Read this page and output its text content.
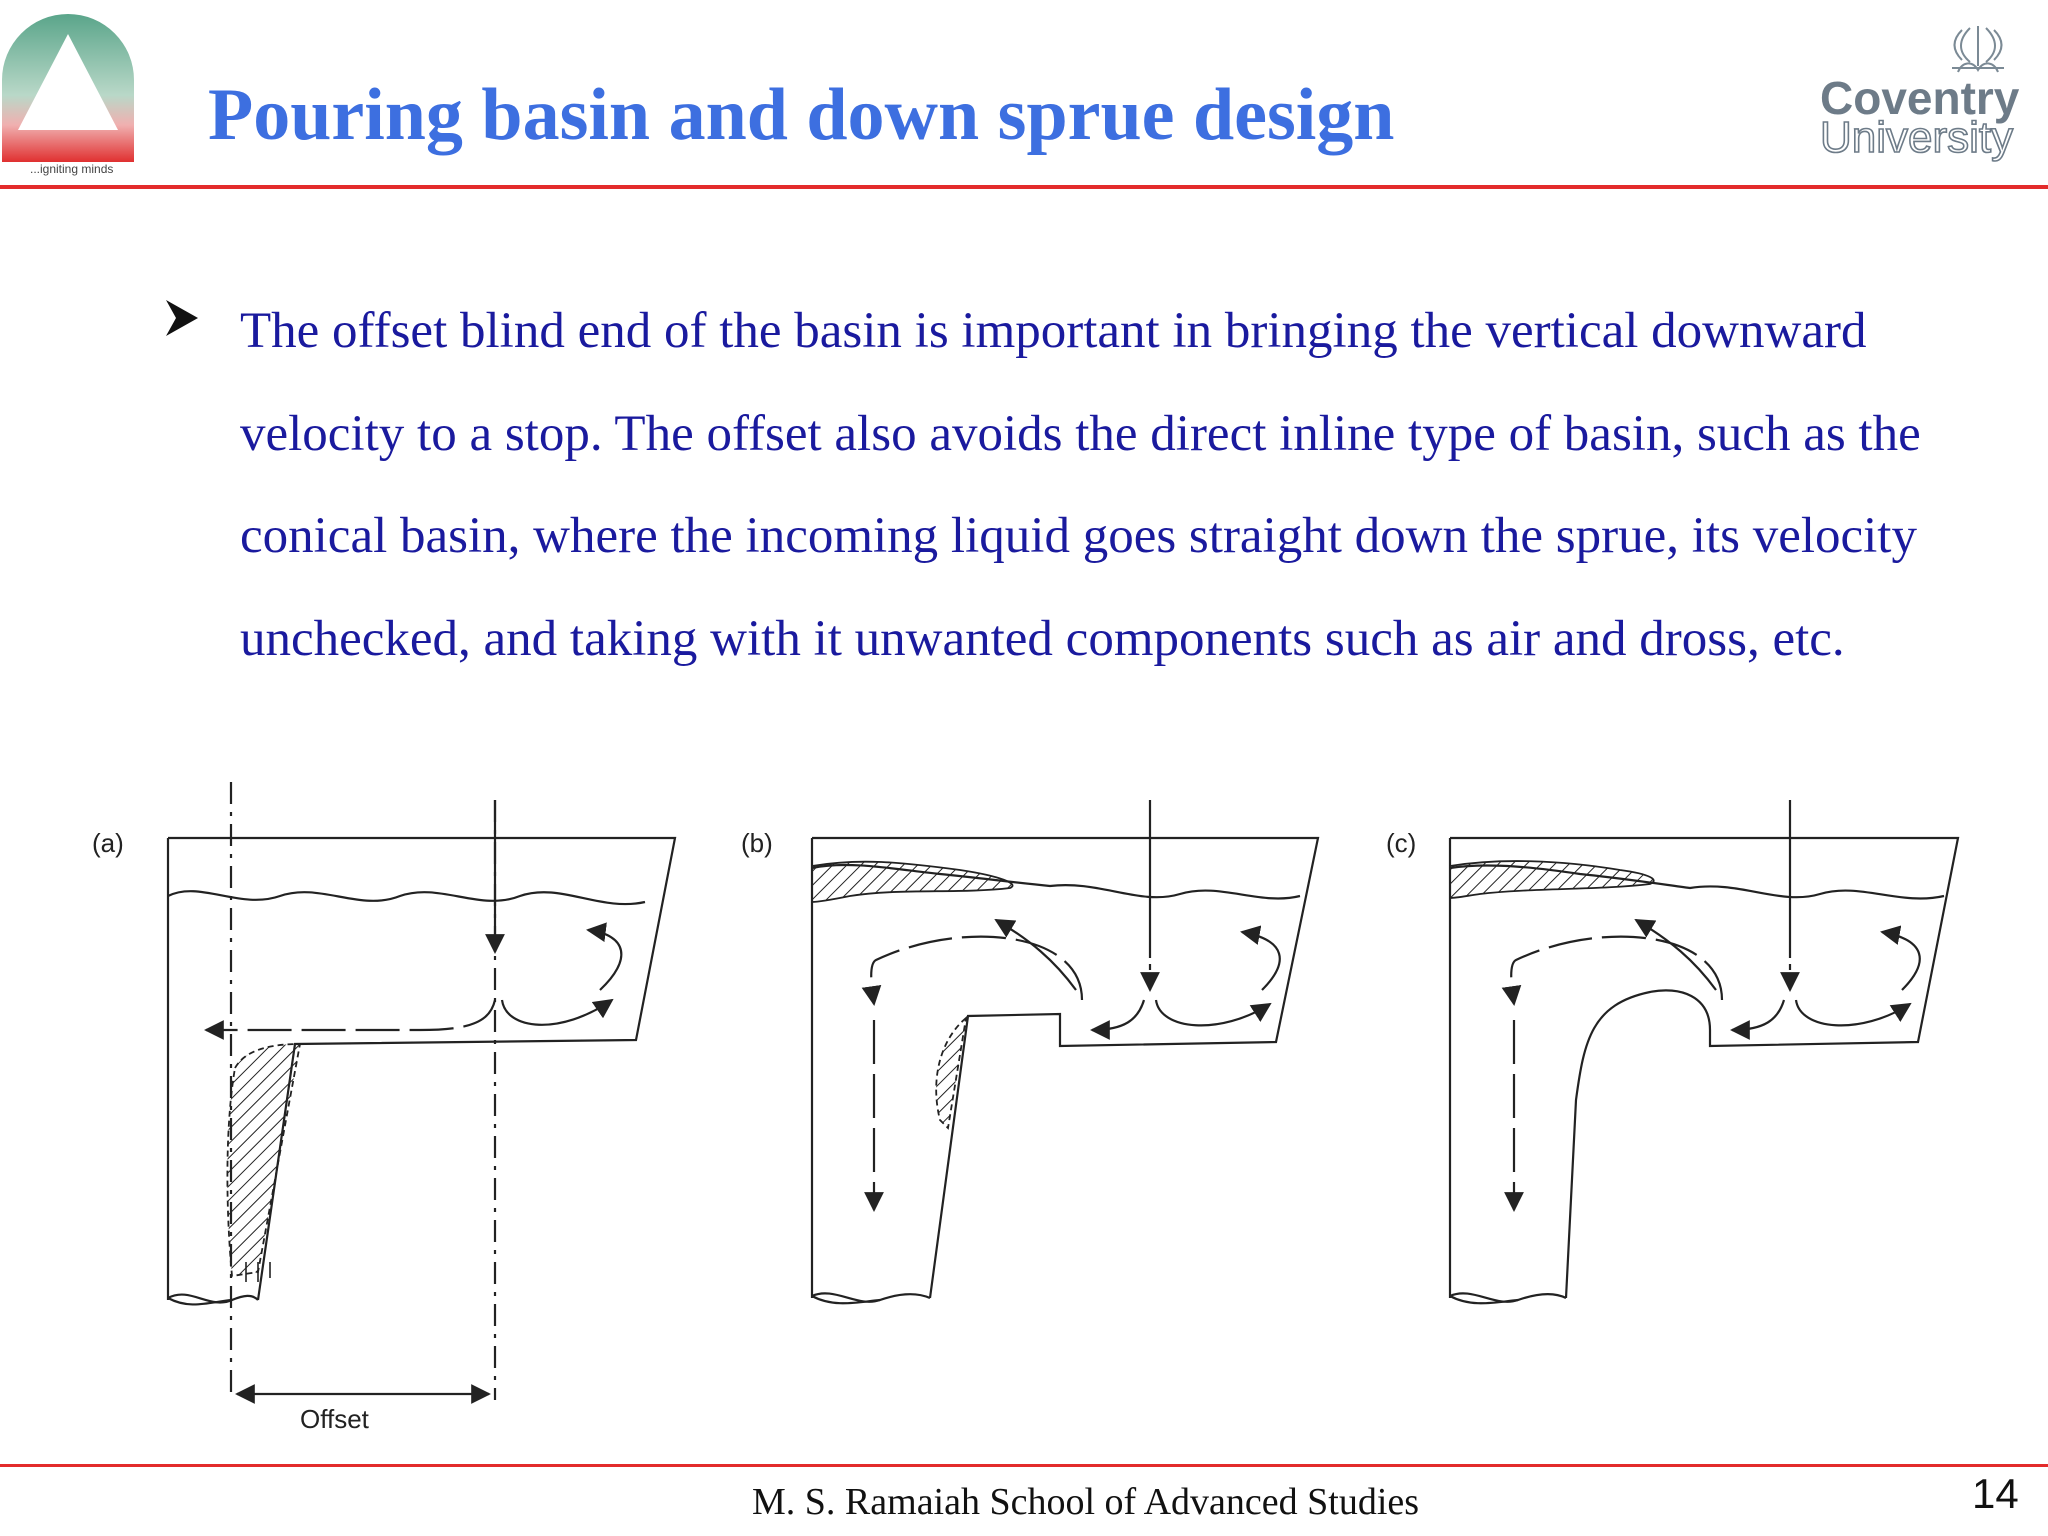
...igniting minds
Pouring basin and down sprue design	Coventry
University
The offset blind end of the basin is important in bringing the vertical downward velocity to a stop. The offset also avoids the direct inline type of basin, such as the conical basin, where the incoming liquid goes straight down the sprue, its velocity unchecked, and taking with it unwanted components such as air and dross, etc.
(a)
Offset
(b)	(c)
M. S. Ramaiah School of Advanced Studies	14
